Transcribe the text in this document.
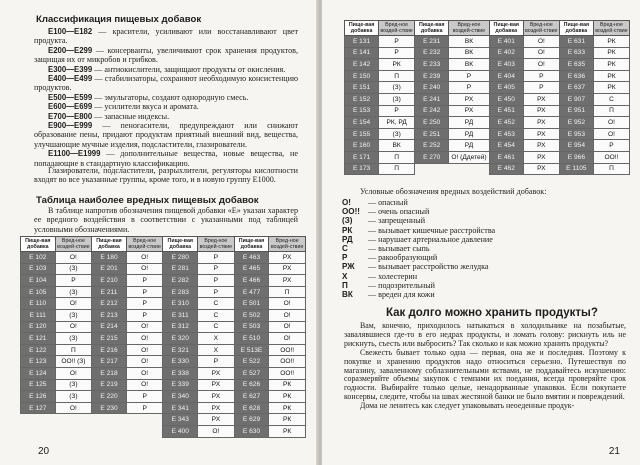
Классификация пищевых добавок

Е100—Е182 — красители, усиливают или восстанавливают цвет продукта.

Е200—Е299 — консерванты, увеличивают срок хранения продуктов, защищая их от микробов и грибков.

Е300—Е399 — антиокислители, защищают продукты от окисления.

Е400—Е499 — стабилизаторы, сохраняют необходимую консистенцию продуктов.

Е500—Е599 — эмульгаторы, создают однородную смесь.

Е600—Е699 — усилители вкуса и аромата.

Е700—Е800 — запасные индексы.

Е900—Е999 — пеногасители, предупреждают или снижают образование пены, придают продуктам приятный внешний вид, вещества, улучшающие мучные изделия, подсластители, глазирователи.

Е1100—Е1999 — дополнительные вещества, новые вещества, не попадающие в стандартную классификацию.

Глазирователи, подсластители, разрыхлители, регуляторы кислотности входят во все указанные группы, кроме того, и в новую группу Е1000.

Таблица наиболее вредных пищевых добавок

В таблице напротив обозначения пищевой добавки «Е» указан характер ее вредного воздействия в соответствии с указанными под таблицей условными обозначениями.

Пище-вая добавка	Вред-ное воздей-ствие	Пище-вая добавка	Вред-ное воздей-ствие	Пище-вая добавка	Вред-ное воздей-ствие	Пище-вая добавка	Вред-ное воздей-ствие
Е 102	О!	Е 180	О!	Е 280	Р	Е 463	РХ
Е 103	(З)	Е 201	О!	Е 281	Р	Е 465	РХ
Е 104	Р	Е 210	Р	Е 282	Р	Е 466	РХ
Е 105	(З)	Е 211	Р	Е 283	Р	Е 477	П
Е 110	О!	Е 212	Р	Е 310	С	Е 501	О!
Е 111	(З)	Е 213	Р	Е 311	С	Е 502	О!
Е 120	О!	Е 214	О!	Е 312	С	Е 503	О!
Е 121	(З)	Е 215	О!	Е 320	Х	Е 510	О!
Е 122	П	Е 216	О!	Е 321	Х	Е 513Е	ОО!!
Е 123	ОО!! (З)	Е 217	О!	Е 330	Р	Е 522	ОО!!
Е 124	О!	Е 218	О!	Е 338	РХ	Е 527	ОО!!
Е 125	(З)	Е 219	О!	Е 339	РХ	Е 626	РК
Е 126	(З)	Е 220	Р	Е 340	РХ	Е 627	РК
Е 127	О!	Е 230	Р	Е 341	РХ	Е 628	РК
				Е 343	РХ	Е 629	РК
				Е 400	О!	Е 630	РК
20
Пище-вая добавка	Вред-ное воздей-ствие	Пище-вая добавка	Вред-ное воздей-ствие	Пище-вая добавка	Вред-ное воздей-ствие	Пище-вая добавка	Вред-ное воздей-ствие
Е 131	Р	Е 231	ВК	Е 401	О!	Е 631	РК
Е 141	Р	Е 232	ВК	Е 402	О!	Е 633	РК
Е 142	РК	Е 233	ВК	Е 403	О!	Е 635	РК
Е 150	П	Е 239	Р	Е 404	Р	Е 636	РК
Е 151	(З)	Е 240	Р	Е 405	Р	Е 637	РК
Е 152	(З)	Е 241	РХ	Е 450	РХ	Е 907	С
Е 153	Р	Е 242	РХ	Е 451	РХ	Е 951	П
Е 154	РК, РД	Е 250	РД	Е 452	РХ	Е 952	О!
Е 155	(З)	Е 251	РД	Е 453	РХ	Е 953	О!
Е 160	ВК	Е 252	РД	Е 454	РХ	Е 954	Р
Е 171	П	Е 270	О! (Ддетей)	Е 461	РХ	Е 966	ОО!!
Е 173	П			Е 462	РХ	Е 1105	П
Условные обозначения вредных воздействий добавок:
О! — опасный
ОО!! — очень опасный
(З) — запрещенный
РК — вызывает кишечные расстройства
РД — нарушает артериальное давление
С — вызывает сыпь
Р	— ракообразующий
РЖ — вызывает расстройство желудка
Х	— холестерин
П — подозрительный
ВК — вреден для кожи
Как долго можно хранить продукты?

Вам, конечно, приходилось натыкаться в холодильнике на позабытые, завалявшиеся где-то в его недрах продукты, и ломать голову: рискнуть иль не рискнуть, съесть или выбросить? Так сколько и как можно хранить продукты?

Свежесть бывает только одна — первая, она же и последняя. Поэтому к покупке и хранению продуктов надо относиться серьезно. Путешествуя по магазину, заваленному соблазнительными яствами, не поддавайтесь искушению: соразмеряйте объемы закупок с темпами их поедания, всегда проверяйте срок годности. Выбирайте только целые, ненадорванные упаковки. Если покупаете консервы, следите, чтобы на швах жестяной банки не было вмятин и повреждений.

Дома не ленитесь как следует упаковывать неоеденные продук-

21
